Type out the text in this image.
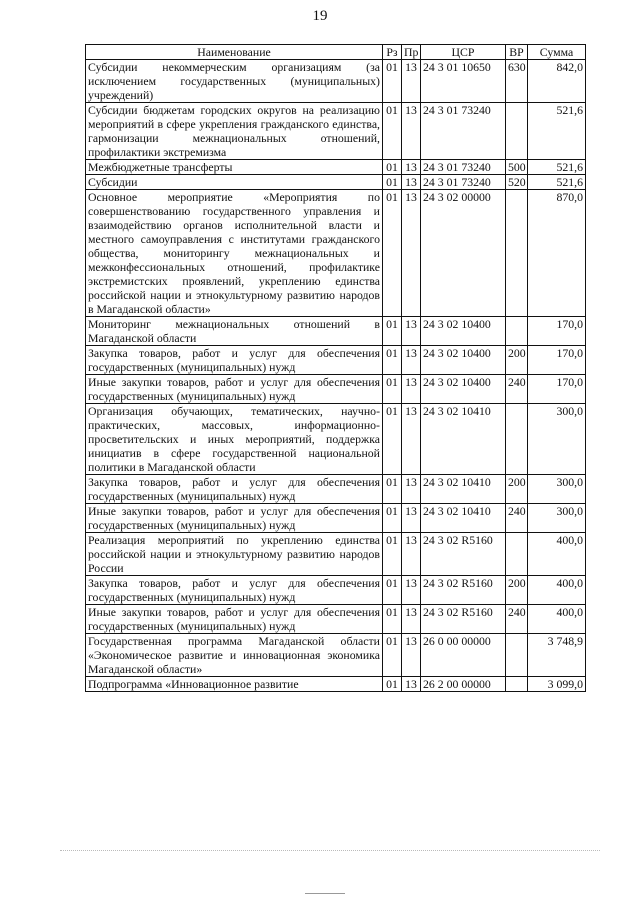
19
Наименование	Рз	Пр	ЦСР	ВР	Сумма
Субсидии некоммерческим организациям (за исключением государственных (муниципальных) учреждений)	01	13	24 3 01 10650	630	842,0
Субсидии бюджетам городских округов на реализацию мероприятий в сфере укрепления гражданского единства, гармонизации межнациональных отношений, профилактики экстремизма	01	13	24 3 01 73240		521,6
Межбюджетные трансферты	01	13	24 3 01 73240	500	521,6
Субсидии	01	13	24 3 01 73240	520	521,6
Основное мероприятие «Мероприятия по совершенствованию государственного управления и взаимодействию органов исполнительной власти и местного самоуправления с институтами гражданского общества, мониторингу межнациональных и межконфессиональных отношений, профилактике экстремистских проявлений, укреплению единства российской нации и этнокультурному развитию народов в Магаданской области»	01	13	24 3 02 00000		870,0
Мониторинг межнациональных отношений в Магаданской области	01	13	24 3 02 10400		170,0
Закупка товаров, работ и услуг для обеспечения государственных (муниципальных) нужд	01	13	24 3 02 10400	200	170,0
Иные закупки товаров, работ и услуг для обеспечения государственных (муниципальных) нужд	01	13	24 3 02 10400	240	170,0
Организация обучающих, тематических, научно-практических, массовых, информационно-просветительских и иных мероприятий, поддержка инициатив в сфере государственной национальной политики в Магаданской области	01	13	24 3 02 10410		300,0
Закупка товаров, работ и услуг для обеспечения государственных (муниципальных) нужд	01	13	24 3 02 10410	200	300,0
Иные закупки товаров, работ и услуг для обеспечения государственных (муниципальных) нужд	01	13	24 3 02 10410	240	300,0
Реализация мероприятий по укреплению единства российской нации и этнокультурному развитию народов России	01	13	24 3 02 R5160		400,0
Закупка товаров, работ и услуг для обеспечения государственных (муниципальных) нужд	01	13	24 3 02 R5160	200	400,0
Иные закупки товаров, работ и услуг для обеспечения государственных (муниципальных) нужд	01	13	24 3 02 R5160	240	400,0
Государственная программа Магаданской области «Экономическое развитие и инновационная экономика Магаданской области»	01	13	26 0 00 00000		3 748,9
Подпрограмма «Инновационное развитие	01	13	26 2 00 00000		3 099,0
